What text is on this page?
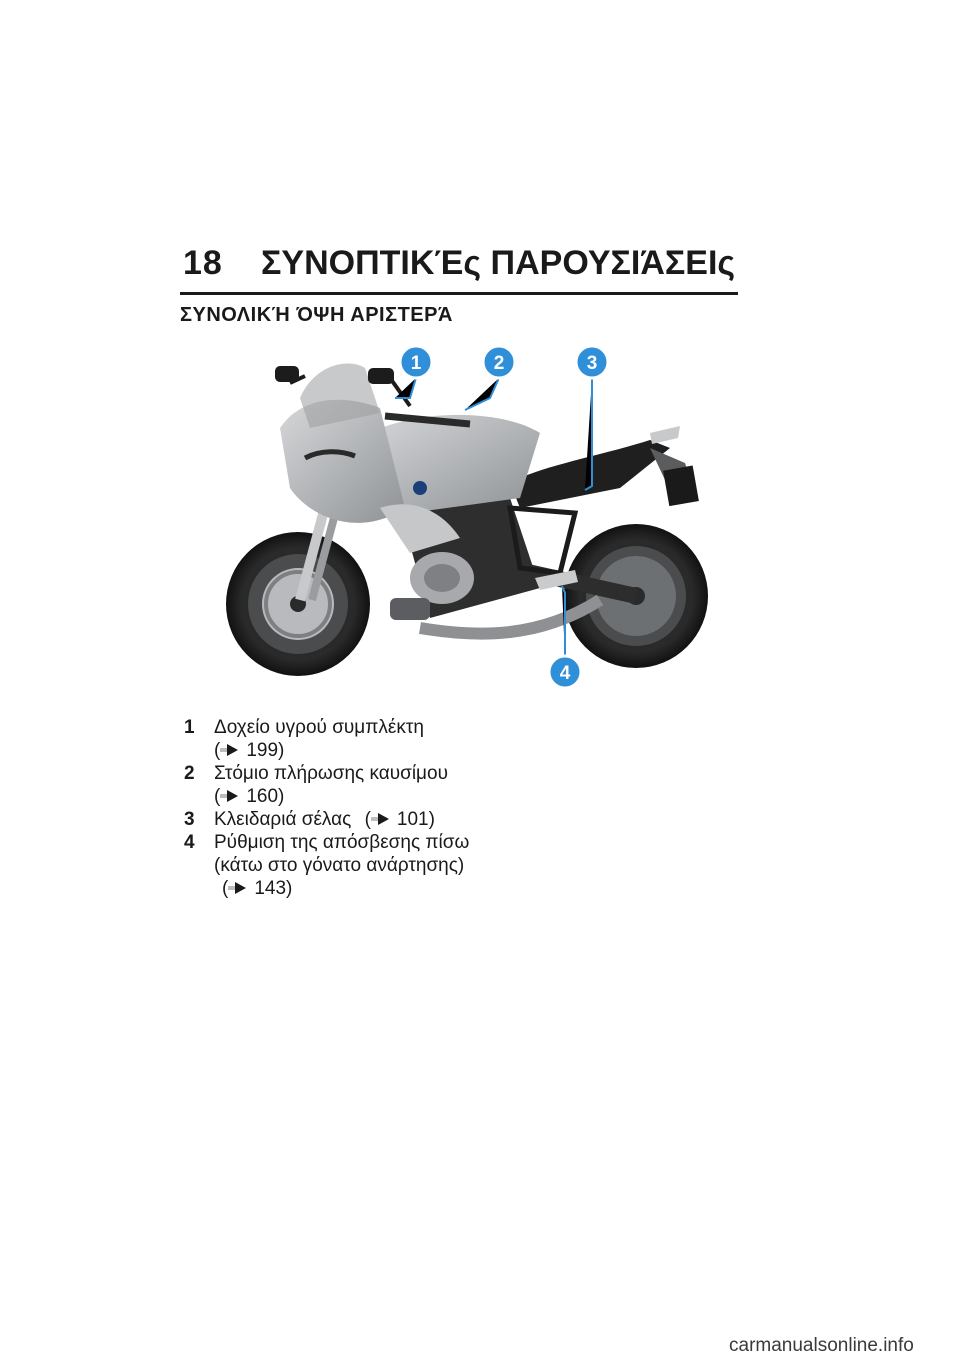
18 ΣΥΝΟΠΤΙΚΈς ΠΑΡΟΥΣΙΆΣΕΙς
ΣΥΝΟΛΙΚΉ ΌΨΗ ΑΡΙΣΤΕΡΆ
1	2	3
4
1 Δοχείο υγρού συμπλέκτη
( 199)
2 Στόμιο πλήρωσης καυσίμου
( 160)
3 Κλειδαριά σέλας ( 101)
4 Ρύθμιση της απόσβεσης πίσω (κάτω στο γόνατο ανάρτησης) ( 143)
carmanualsonline.info
